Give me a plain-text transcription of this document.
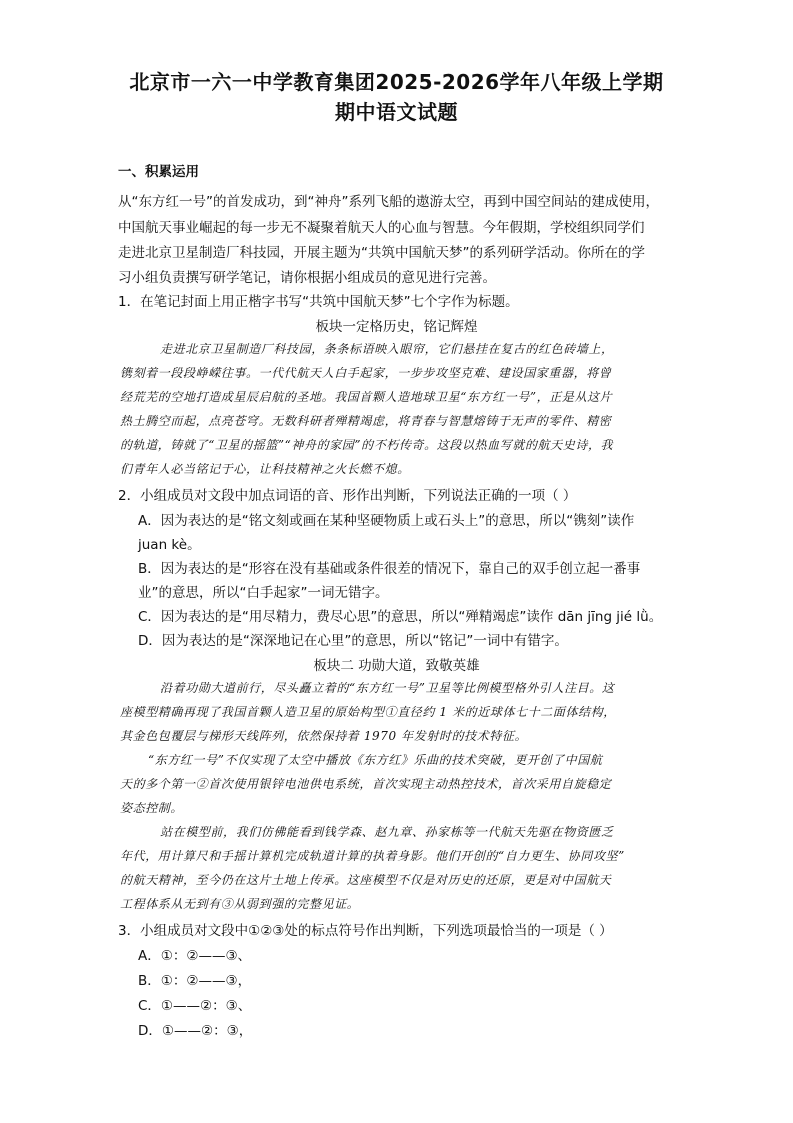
北京市一六一中学教育集团2025-2026学年八年级上学期
期中语文试题
一、积累运用
从“东方红一号”的首发成功，到“神舟”系列飞船的遨游太空，再到中国空间站的建成使用，
中国航天事业崛起的每一步无不凝聚着航天人的心血与智慧。今年假期，学校组织同学们
走进北京卫星制造厂科技园，开展主题为“共筑中国航天梦”的系列研学活动。你所在的学
习小组负责撰写研学笔记，请你根据小组成员的意见进行完善。
1．在笔记封面上用正楷字书写“共筑中国航天梦”七个字作为标题。
板块一定格历史，铭记辉煌
走进北京卫星制造厂科技园，条条标语映入眼帘，它们悬挂在复古的红色砖墙上，
镌刻着一段段峥嵘往事。一代代航天人白手起家，一步步攻坚克难、建设国家重器，将曾
经荒芜的空地打造成星辰启航的圣地。我国首颗人造地球卫星“东方红一号”，正是从这片
热土腾空而起，点亮苍穹。无数科研者殚精竭虑，将青春与智慧熔铸于无声的零件、精密
的轨道，铸就了“卫星的摇篮”“神舟的家园”的不朽传奇。这段以热血写就的航天史诗，我
们青年人必当铭记于心，让科技精神之火长燃不熄。
2．小组成员对文段中加点词语的音、形作出判断，下列说法正确的一项（ ）
A．因为表达的是“铭文刻或画在某种坚硬物质上或石头上”的意思，所以“镌刻”读作
juan kè。
B．因为表达的是“形容在没有基础或条件很差的情况下，靠自己的双手创立起一番事
业”的意思，所以“白手起家”一词无错字。
C．因为表达的是“用尽精力，费尽心思”的意思，所以“殚精竭虑”读作 dān jīng jié lǜ。
D．因为表达的是“深深地记在心里”的意思，所以“铭记”一词中有错字。
板块二 功勋大道，致敬英雄
沿着功勋大道前行，尽头矗立着的“东方红一号”卫星等比例模型格外引人注目。这
座模型精确再现了我国首颗人造卫星的原始构型①直径约 1 米的近球体七十二面体结构，
其金色包覆层与梯形天线阵列，依然保持着 1970 年发射时的技术特征。
“东方红一号”不仅实现了太空中播放《东方红》乐曲的技术突破，更开创了中国航
天的多个第一②首次使用银锌电池供电系统，首次实现主动热控技术，首次采用自旋稳定
姿态控制。
站在模型前，我们仿佛能看到钱学森、赵九章、孙家栋等一代航天先驱在物资匮乏
年代，用计算尺和手摇计算机完成轨道计算的执着身影。他们开创的“自力更生、协同攻坚”
的航天精神，至今仍在这片土地上传承。这座模型不仅是对历史的还原，更是对中国航天
工程体系从无到有③从弱到强的完整见证。
3．小组成员对文段中①②③处的标点符号作出判断，下列选项最恰当的一项是（ ）
A．①：②——③、
B．①：②——③，
C．①——②：③、
D．①——②：③，
